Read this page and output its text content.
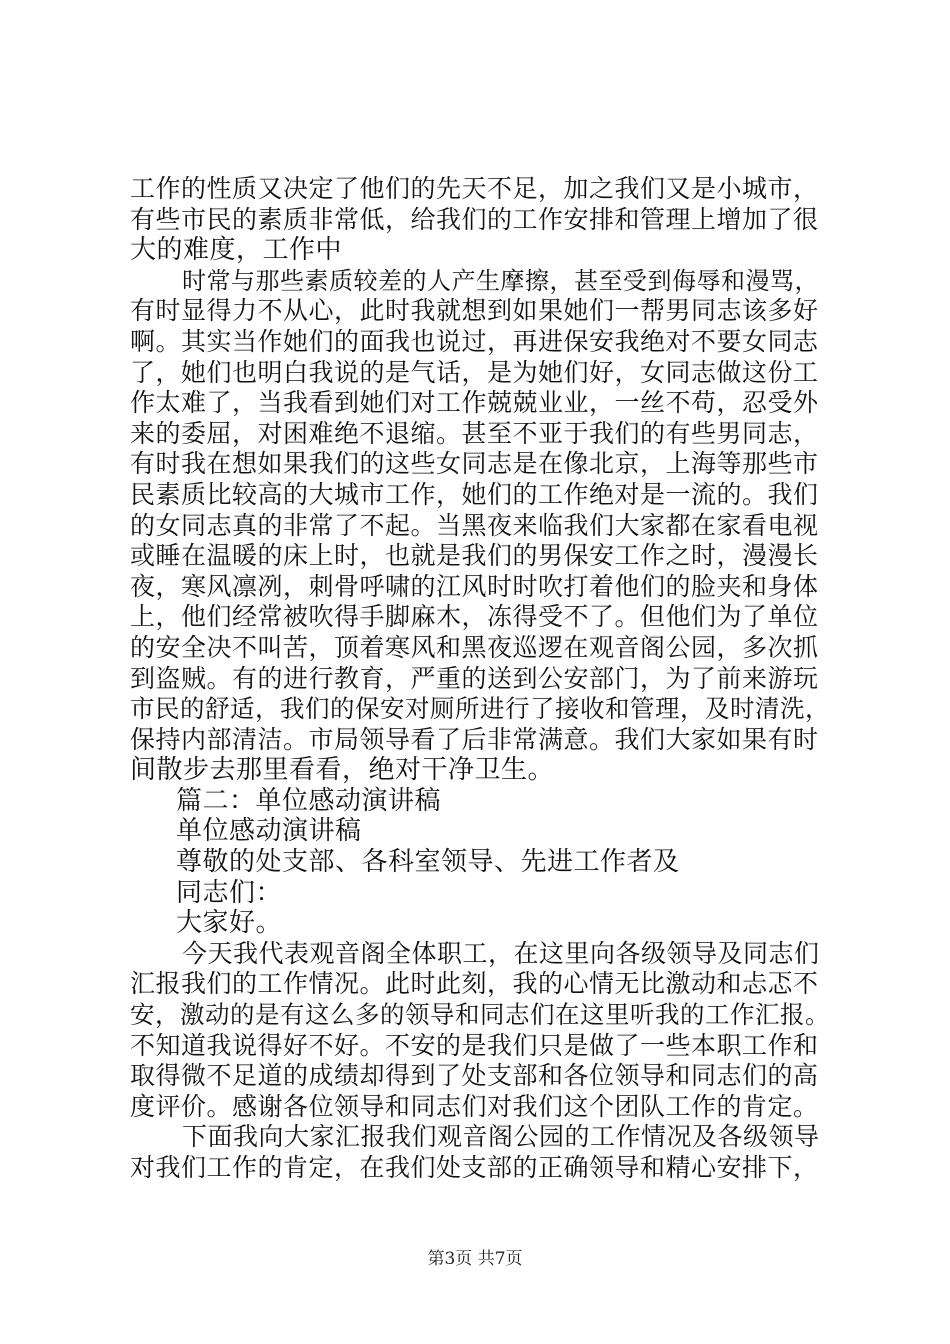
工作的性质又决定了他们的先天不足，加之我们又是小城市，
有些市民的素质非常低，给我们的工作安排和管理上增加了很
大的难度，工作中
时常与那些素质较差的人产生摩擦，甚至受到侮辱和漫骂，
有时显得力不从心，此时我就想到如果她们一帮男同志该多好
啊。其实当作她们的面我也说过，再进保安我绝对不要女同志
了，她们也明白我说的是气话，是为她们好，女同志做这份工
作太难了，当我看到她们对工作兢兢业业，一丝不苟，忍受外
来的委屈，对困难绝不退缩。甚至不亚于我们的有些男同志，
有时我在想如果我们的这些女同志是在像北京，上海等那些市
民素质比较高的大城市工作，她们的工作绝对是一流的。我们
的女同志真的非常了不起。当黑夜来临我们大家都在家看电视
或睡在温暖的床上时，也就是我们的男保安工作之时，漫漫长
夜，寒风凛冽，刺骨呼啸的江风时时吹打着他们的脸夹和身体
上，他们经常被吹得手脚麻木，冻得受不了。但他们为了单位
的安全决不叫苦，顶着寒风和黑夜巡逻在观音阁公园，多次抓
到盗贼。有的进行教育，严重的送到公安部门，为了前来游玩
市民的舒适，我们的保安对厕所进行了接收和管理，及时清洗，
保持内部清洁。市局领导看了后非常满意。我们大家如果有时
间散步去那里看看，绝对干净卫生。
篇二：单位感动演讲稿
单位感动演讲稿
尊敬的处支部、各科室领导、先进工作者及
同志们：
大家好。
今天我代表观音阁全体职工，在这里向各级领导及同志们
汇报我们的工作情况。此时此刻，我的心情无比激动和忐忑不
安，激动的是有这么多的领导和同志们在这里听我的工作汇报。
不知道我说得好不好。不安的是我们只是做了一些本职工作和
取得微不足道的成绩却得到了处支部和各位领导和同志们的高
度评价。感谢各位领导和同志们对我们这个团队工作的肯定。
下面我向大家汇报我们观音阁公园的工作情况及各级领导
对我们工作的肯定，在我们处支部的正确领导和精心安排下，
第3页 共7页
